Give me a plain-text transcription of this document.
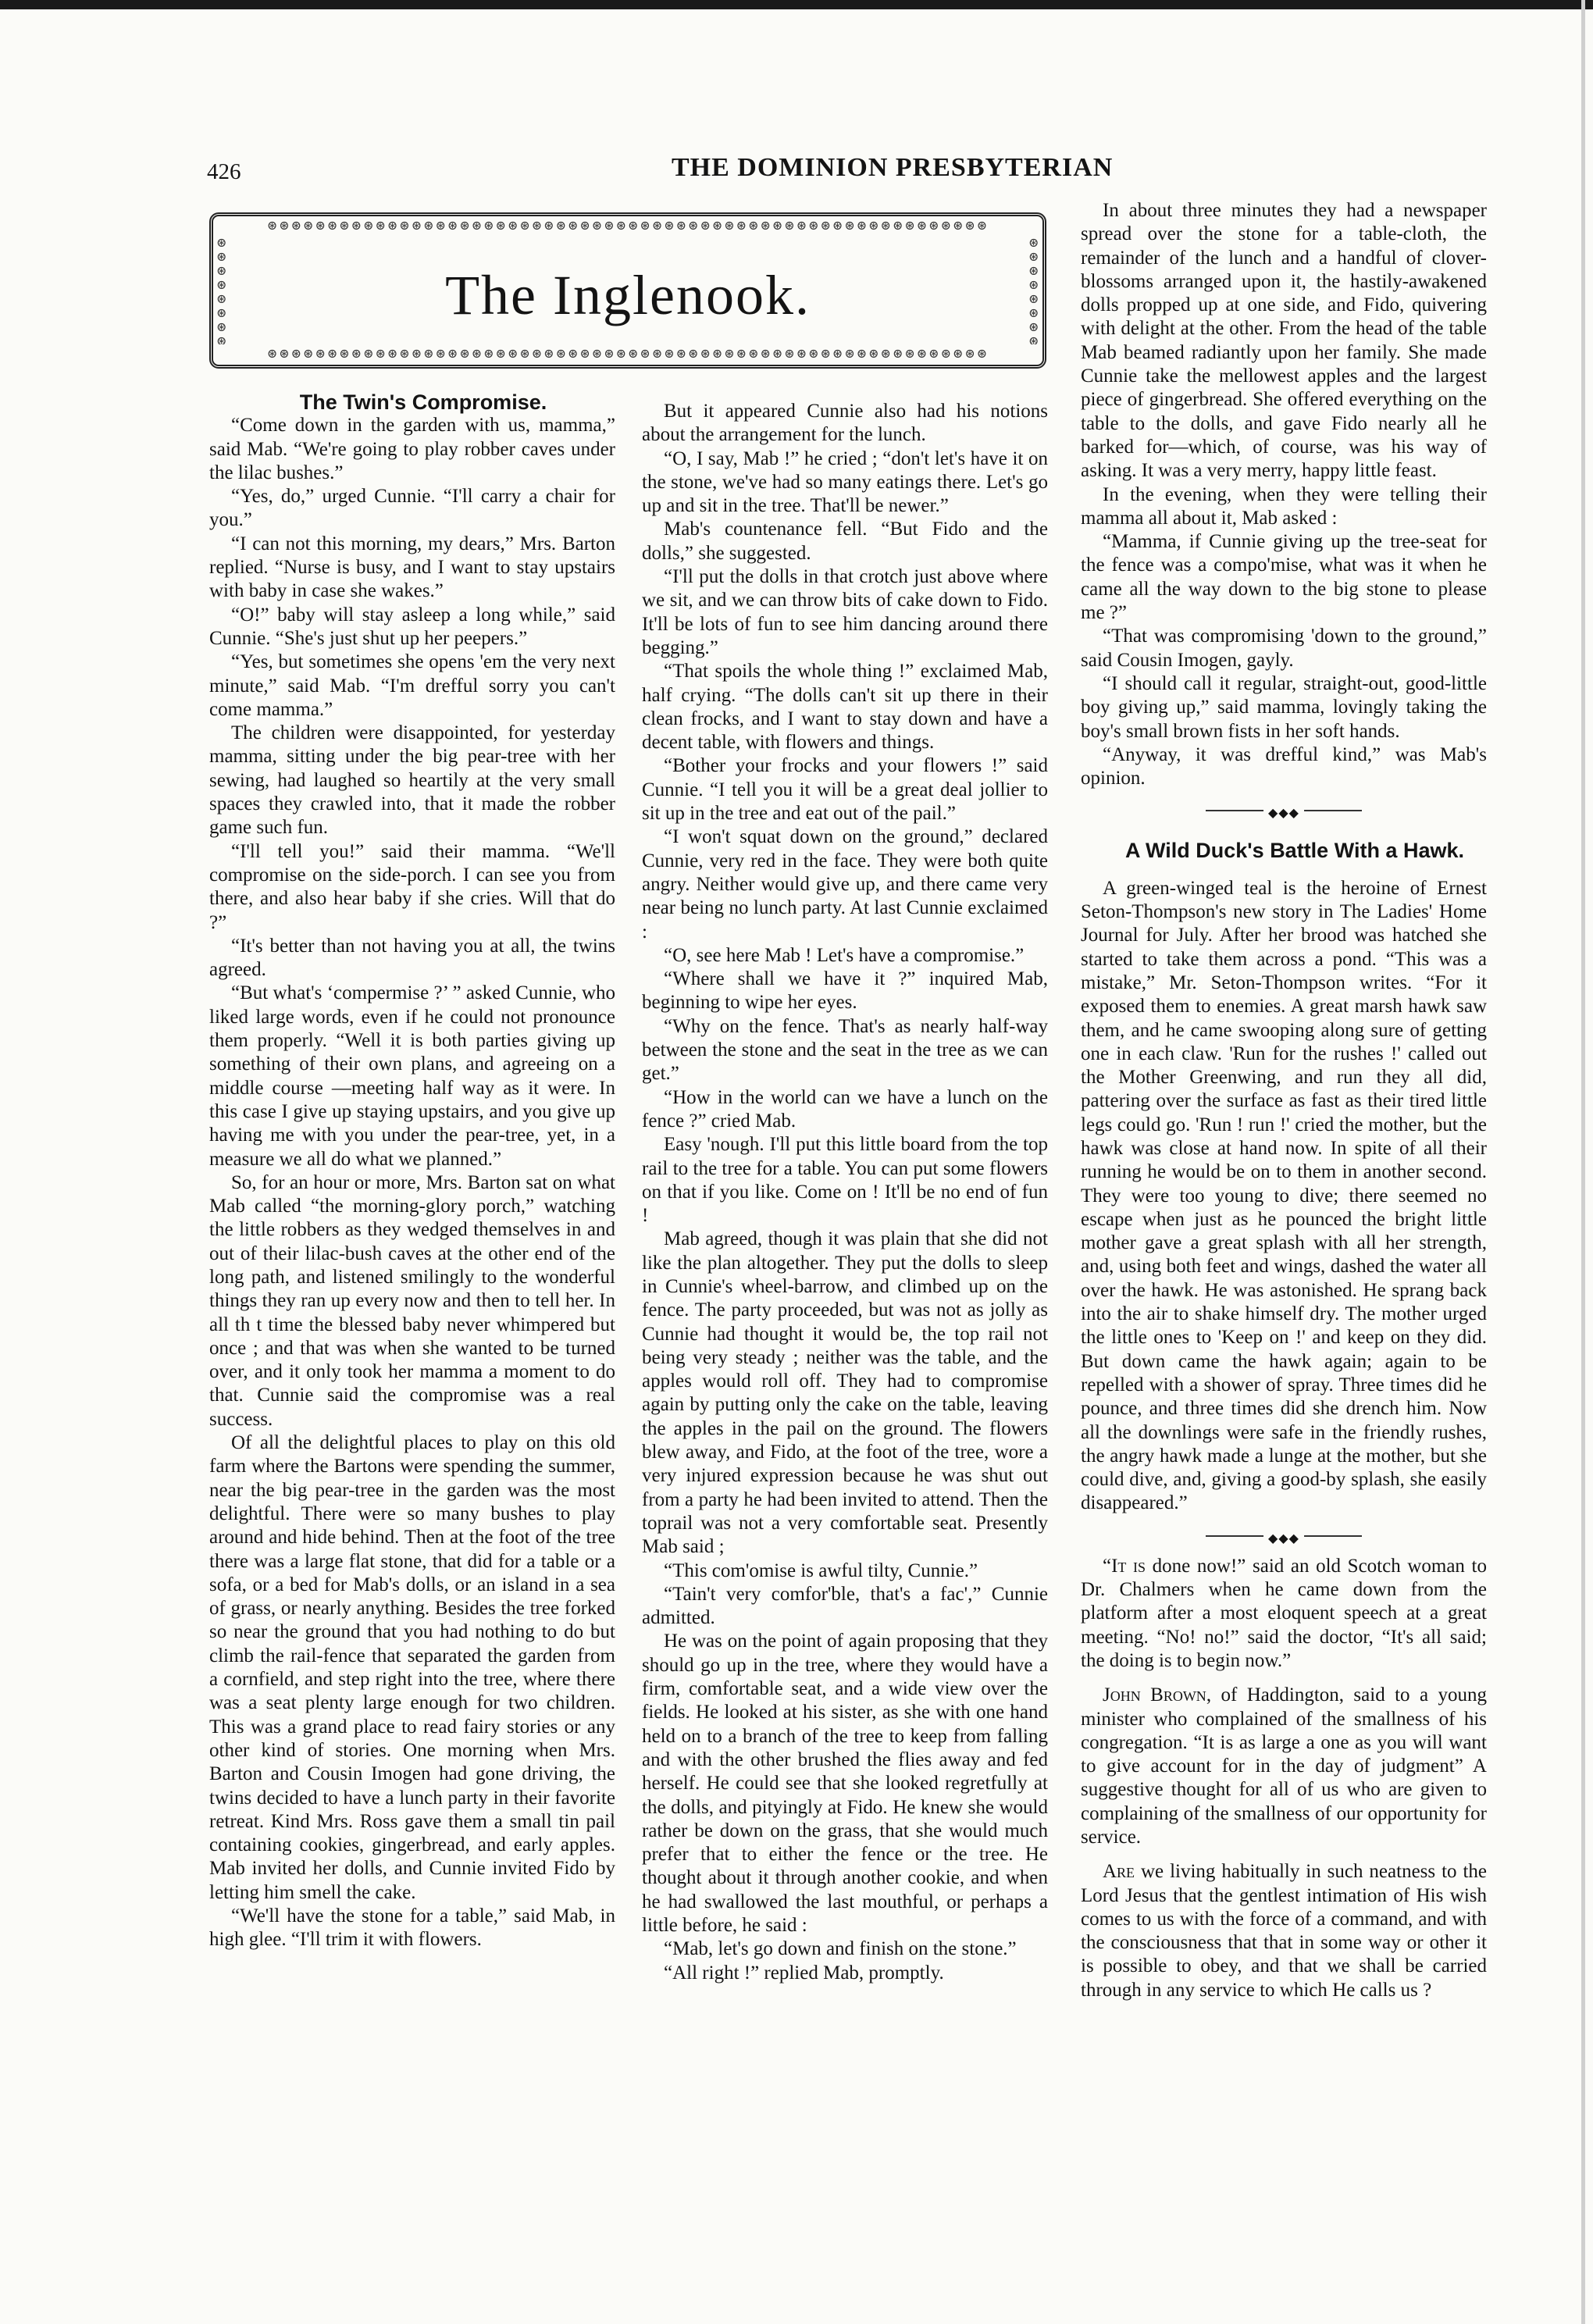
426	THE DOMINION PRESBYTERIAN
⊛⊛⊛⊛⊛⊛⊛⊛⊛⊛⊛⊛⊛⊛⊛⊛⊛⊛⊛⊛⊛⊛⊛⊛⊛⊛⊛⊛⊛⊛⊛⊛⊛⊛⊛⊛⊛⊛⊛⊛⊛⊛⊛⊛⊛⊛⊛⊛⊛⊛⊛⊛⊛⊛⊛⊛⊛⊛⊛⊛
⊛⊛⊛⊛⊛⊛⊛⊛
⊛⊛⊛⊛⊛⊛⊛⊛
The Inglenook.
⊛⊛⊛⊛⊛⊛⊛⊛⊛⊛⊛⊛⊛⊛⊛⊛⊛⊛⊛⊛⊛⊛⊛⊛⊛⊛⊛⊛⊛⊛⊛⊛⊛⊛⊛⊛⊛⊛⊛⊛⊛⊛⊛⊛⊛⊛⊛⊛⊛⊛⊛⊛⊛⊛⊛⊛⊛⊛⊛⊛

The Twin's Compromise.

“Come down in the garden with us, mamma,” said Mab. “We're going to play robber caves under the lilac bushes.”

“Yes, do,” urged Cunnie. “I'll carry a chair for you.”

“I can not this morning, my dears,” Mrs. Barton replied. “Nurse is busy, and I want to stay upstairs with baby in case she wakes.”

“O!” baby will stay asleep a long while,” said Cunnie. “She's just shut up her peepers.”

“Yes, but sometimes she opens 'em the very next minute,” said Mab. “I'm drefful sorry you can't come mamma.”

The children were disappointed, for yesterday mamma, sitting under the big pear-tree with her sewing, had laughed so heartily at the very small spaces they crawled into, that it made the robber game such fun.

“I'll tell you!” said their mamma. “We'll compromise on the side-porch. I can see you from there, and also hear baby if she cries. Will that do ?”

“It's better than not having you at all, the twins agreed.

“But what's ‘compermise ?’ ” asked Cunnie, who liked large words, even if he could not pronounce them properly. “Well it is both parties giving up something of their own plans, and agreeing on a middle course —meeting half way as it were. In this case I give up staying upstairs, and you give up having me with you under the pear-tree, yet, in a measure we all do what we planned.”

So, for an hour or more, Mrs. Barton sat on what Mab called “the morning-glory porch,” watching the little robbers as they wedged themselves in and out of their lilac-bush caves at the other end of the long path, and listened smilingly to the wonderful things they ran up every now and then to tell her. In all th t time the blessed baby never whimpered but once ; and that was when she wanted to be turned over, and it only took her mamma a moment to do that. Cunnie said the compromise was a real success.

Of all the delightful places to play on this old farm where the Bartons were spending the summer, near the big pear-tree in the garden was the most delightful. There were so many bushes to play around and hide behind. Then at the foot of the tree there was a large flat stone, that did for a table or a sofa, or a bed for Mab's dolls, or an island in a sea of grass, or nearly anything. Besides the tree forked so near the ground that you had nothing to do but climb the rail-fence that separated the garden from a cornfield, and step right into the tree, where there was a seat plenty large enough for two children. This was a grand place to read fairy stories or any other kind of stories. One morning when Mrs. Barton and Cousin Imogen had gone driving, the twins decided to have a lunch party in their favorite retreat. Kind Mrs. Ross gave them a small tin pail containing cookies, gingerbread, and early apples. Mab invited her dolls, and Cunnie invited Fido by letting him smell the cake.

“We'll have the stone for a table,” said Mab, in high glee. “I'll trim it with flowers.

But it appeared Cunnie also had his notions about the arrangement for the lunch.

“O, I say, Mab !” he cried ; “don't let's have it on the stone, we've had so many eatings there. Let's go up and sit in the tree. That'll be newer.”

Mab's countenance fell. “But Fido and the dolls,” she suggested.

“I'll put the dolls in that crotch just above where we sit, and we can throw bits of cake down to Fido. It'll be lots of fun to see him dancing around there begging.”

“That spoils the whole thing !” exclaimed Mab, half crying. “The dolls can't sit up there in their clean frocks, and I want to stay down and have a decent table, with flowers and things.

“Bother your frocks and your flowers !” said Cunnie. “I tell you it will be a great deal jollier to sit up in the tree and eat out of the pail.”

“I won't squat down on the ground,” declared Cunnie, very red in the face. They were both quite angry. Neither would give up, and there came very near being no lunch party. At last Cunnie exclaimed :

“O, see here Mab ! Let's have a compromise.”

“Where shall we have it ?” inquired Mab, beginning to wipe her eyes.

“Why on the fence. That's as nearly half-way between the stone and the seat in the tree as we can get.”

“How in the world can we have a lunch on the fence ?” cried Mab.

Easy 'nough. I'll put this little board from the top rail to the tree for a table. You can put some flowers on that if you like. Come on ! It'll be no end of fun !

Mab agreed, though it was plain that she did not like the plan altogether. They put the dolls to sleep in Cunnie's wheel-barrow, and climbed up on the fence. The party proceeded, but was not as jolly as Cunnie had thought it would be, the top rail not being very steady ; neither was the table, and the apples would roll off. They had to compromise again by putting only the cake on the table, leaving the apples in the pail on the ground. The flowers blew away, and Fido, at the foot of the tree, wore a very injured expression because he was shut out from a party he had been invited to attend. Then the toprail was not a very comfortable seat. Presently Mab said ;

“This com'omise is awful tilty, Cunnie.”

“Tain't very comfor'ble, that's a fac',” Cunnie admitted.

He was on the point of again proposing that they should go up in the tree, where they would have a firm, comfortable seat, and a wide view over the fields. He looked at his sister, as she with one hand held on to a branch of the tree to keep from falling and with the other brushed the flies away and fed herself. He could see that she looked regretfully at the dolls, and pityingly at Fido. He knew she would rather be down on the grass, that she would much prefer that to either the fence or the tree. He thought about it through another cookie, and when he had swallowed the last mouthful, or perhaps a little before, he said :

“Mab, let's go down and finish on the stone.”

“All right !” replied Mab, promptly.

In about three minutes they had a newspaper spread over the stone for a table-cloth, the remainder of the lunch and a handful of clover-blossoms arranged upon it, the hastily-awakened dolls propped up at one side, and Fido, quivering with delight at the other. From the head of the table Mab beamed radiantly upon her family. She made Cunnie take the mellowest apples and the largest piece of gingerbread. She offered everything on the table to the dolls, and gave Fido nearly all he barked for—which, of course, was his way of asking. It was a very merry, happy little feast.

In the evening, when they were telling their mamma all about it, Mab asked :

“Mamma, if Cunnie giving up the tree-seat for the fence was a compo'mise, what was it when he came all the way down to the big stone to please me ?”

“That was compromising 'down to the ground,” said Cousin Imogen, gayly.

“I should call it regular, straight-out, good-little boy giving up,” said mamma, lovingly taking the boy's small brown fists in her soft hands.

“Anyway, it was drefful kind,” was Mab's opinion.

◆◆◆

A Wild Duck's Battle With a Hawk.

A green-winged teal is the heroine of Ernest Seton-Thompson's new story in The Ladies' Home Journal for July. After her brood was hatched she started to take them across a pond. “This was a mistake,” Mr. Seton-Thompson writes. “For it exposed them to enemies. A great marsh hawk saw them, and he came swooping along sure of getting one in each claw. 'Run for the rushes !' called out the Mother Greenwing, and run they all did, pattering over the surface as fast as their tired little legs could go. 'Run ! run !' cried the mother, but the hawk was close at hand now. In spite of all their running he would be on to them in another second. They were too young to dive; there seemed no escape when just as he pounced the bright little mother gave a great splash with all her strength, and, using both feet and wings, dashed the water all over the hawk. He was astonished. He sprang back into the air to shake himself dry. The mother urged the little ones to 'Keep on !' and keep on they did. But down came the hawk again; again to be repelled with a shower of spray. Three times did he pounce, and three times did she drench him. Now all the downlings were safe in the friendly rushes, the angry hawk made a lunge at the mother, but she could dive, and, giving a good-by splash, she easily disappeared.”

◆◆◆

“It is done now!” said an old Scotch woman to Dr. Chalmers when he came down from the platform after a most eloquent speech at a great meeting. “No! no!” said the doctor, “It's all said; the doing is to begin now.”

John Brown, of Haddington, said to a young minister who complained of the smallness of his congregation. “It is as large a one as you will want to give account for in the day of judgment” A suggestive thought for all of us who are given to complaining of the smallness of our opportunity for service.

Are we living habitually in such neatness to the Lord Jesus that the gentlest intimation of His wish comes to us with the force of a command, and with the consciousness that that in some way or other it is possible to obey, and that we shall be carried through in any service to which He calls us ?
